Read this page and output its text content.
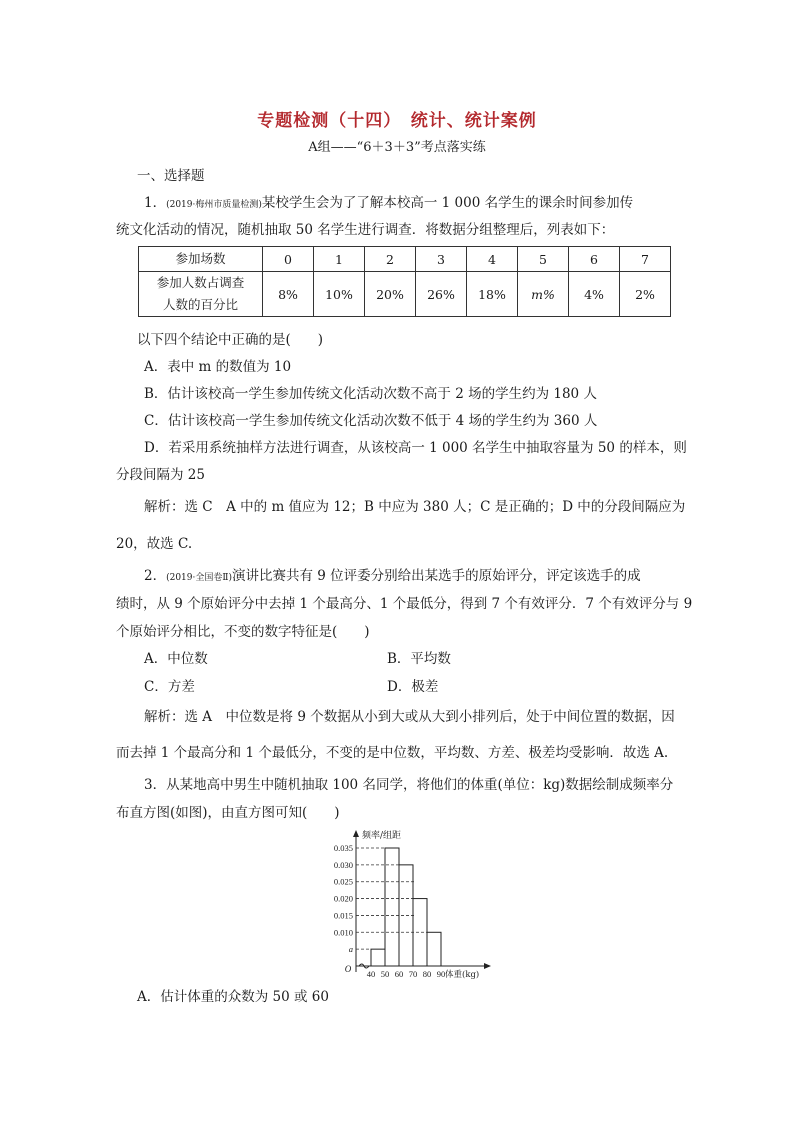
专题检测（十四）　统计、统计案例
A组——“6＋3＋3”考点落实练
一、选择题
1．(2019·梅州市质量检测)某校学生会为了了解本校高一 1 000 名学生的课余时间参加传
统文化活动的情况，随机抽取 50 名学生进行调查．将数据分组整理后，列表如下：
参加场数	0	1	2	3	4	5	6	7

参加人数占调查
人数的百分比	8%	10%	20%	26%	18%	m%	4%	2%
以下四个结论中正确的是(　　)
A．表中 m 的数值为 10
B．估计该校高一学生参加传统文化活动次数不高于 2 场的学生约为 180 人
C．估计该校高一学生参加传统文化活动次数不低于 4 场的学生约为 360 人
D．若采用系统抽样方法进行调查，从该校高一 1 000 名学生中抽取容量为 50 的样本，则
分段间隔为 25
解析：选 C　A 中的 m 值应为 12；B 中应为 380 人；C 是正确的；D 中的分段间隔应为
20，故选 C.
2．(2019·全国卷Ⅱ)演讲比赛共有 9 位评委分别给出某选手的原始评分，评定该选手的成
绩时，从 9 个原始评分中去掉 1 个最高分、1 个最低分，得到 7 个有效评分．7 个有效评分与 9
个原始评分相比，不变的数字特征是(　　)
A．中位数	B．平均数
C．方差	D．极差
解析：选 A　中位数是将 9 个数据从小到大或从大到小排列后，处于中间位置的数据，因
而去掉 1 个最高分和 1 个最低分，不变的是中位数，平均数、方差、极差均受影响．故选 A.
3．从某地高中男生中随机抽取 100 名同学，将他们的体重(单位：kg)数据绘制成频率分
布直方图(如图)，由直方图可知(　　)
a
0.010
0.015
0.020
0.025
0.030
0.035
40 50 60 70 80 90
O
频率/组距
体重(kg)
A．估计体重的众数为 50 或 60
